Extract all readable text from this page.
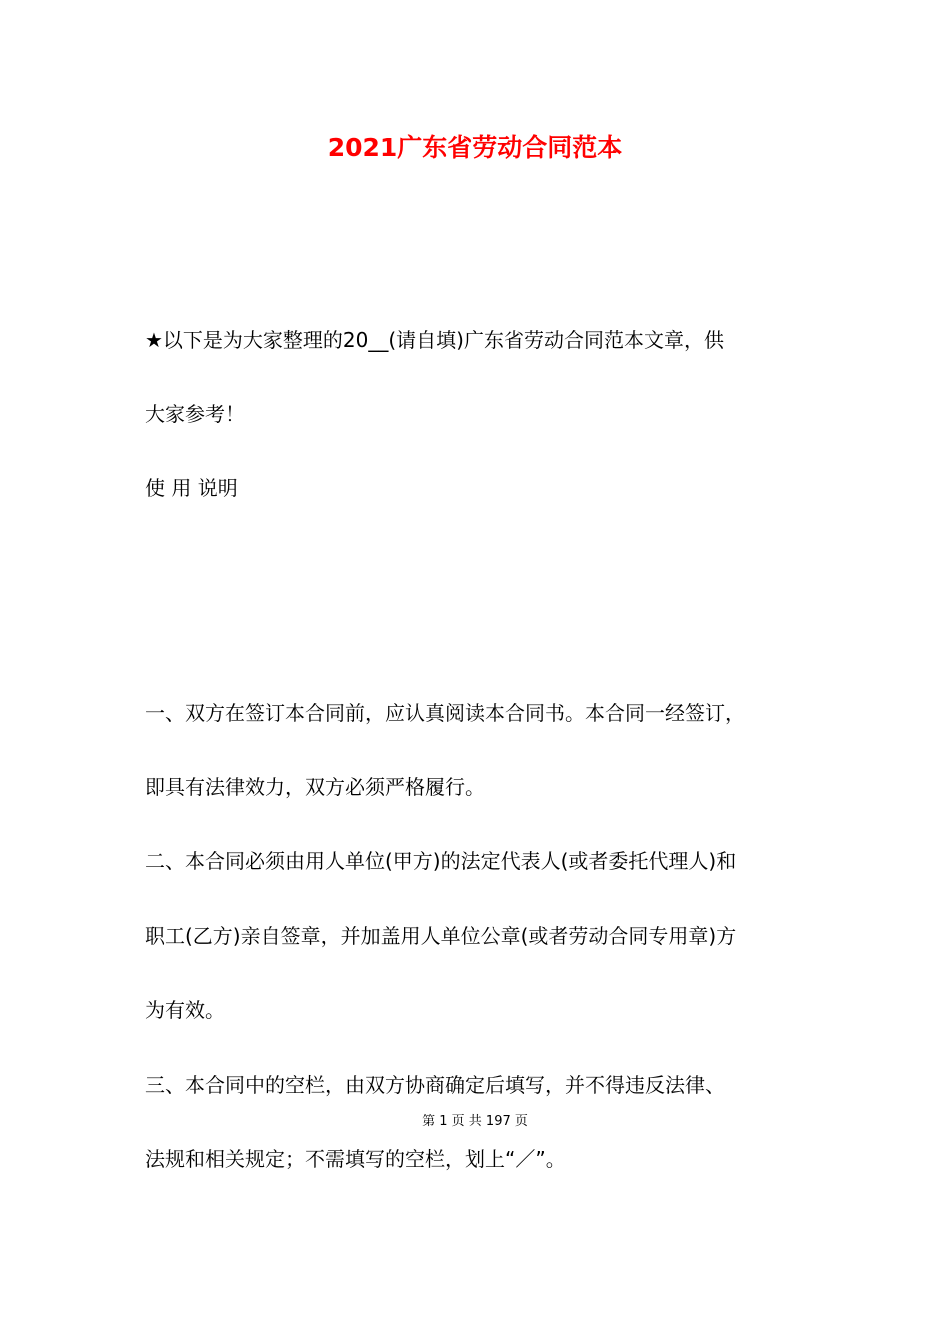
2021广东省劳动合同范本
★以下是为大家整理的20__(请自填)广东省劳动合同范本文章，供
大家参考！
使 用 说明
一、双方在签订本合同前，应认真阅读本合同书。本合同一经签订，
即具有法律效力，双方必须严格履行。
二、本合同必须由用人单位(甲方)的法定代表人(或者委托代理人)和
职工(乙方)亲自签章，并加盖用人单位公章(或者劳动合同专用章)方
为有效。
三、本合同中的空栏，由双方协商确定后填写，并不得违反法律、
第 1 页 共 197 页
法规和相关规定；不需填写的空栏，划上“／”。
